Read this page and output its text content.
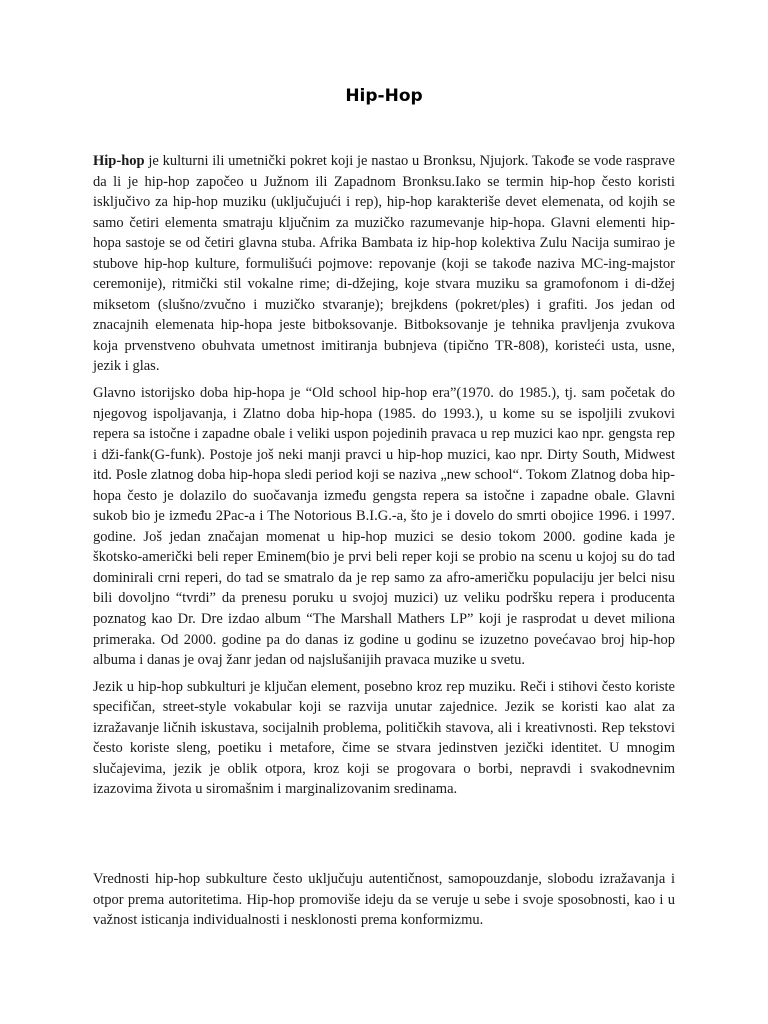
Hip-Hop

Hip-hop je kulturni ili umetnički pokret koji je nastao u Bronksu, Njujork. Takođe se vode rasprave da li je hip-hop započeo u Južnom ili Zapadnom Bronksu.Iako se termin hip-hop često koristi isključivo za hip-hop muziku (uključujući i rep), hip-hop karakteriše devet elemenata, od kojih se samo četiri elementa smatraju ključnim za muzičko razumevanje hip-hopa. Glavni elementi hip-hopa sastoje se od četiri glavna stuba. Afrika Bambata iz hip-hop kolektiva Zulu Nacija sumirao je stubove hip-hop kulture, formulišući pojmove: repovanje (koji se takođe naziva MC-ing-majstor ceremonije), ritmički stil vokalne rime; di-džejing, koje stvara muziku sa gramofonom i di-džej miksetom (slušno/zvučno i muzičko stvaranje); brejkdens (pokret/ples) i grafiti. Jos jedan od znacajnih elemenata hip-hopa jeste bitboksovanje. Bitboksovanje je tehnika pravljenja zvukova koja prvenstveno obuhvata umetnost imitiranja bubnjeva (tipično TR-808), koristeći usta, usne, jezik i glas.

Glavno istorijsko doba hip-hopa je “Old school hip-hop era”(1970. do 1985.), tj. sam početak do njegovog ispoljavanja, i Zlatno doba hip-hopa (1985. do 1993.), u kome su se ispoljili zvukovi repera sa istočne i zapadne obale i veliki uspon pojedinih pravaca u rep muzici kao npr. gengsta rep i dži-fank(G-funk). Postoje još neki manji pravci u hip-hop muzici, kao npr. Dirty South, Midwest itd. Posle zlatnog doba hip-hopa sledi period koji se naziva „new school“. Tokom Zlatnog doba hip-hopa često je dolazilo do suočavanja između gengsta repera sa istočne i zapadne obale. Glavni sukob bio je između 2Pac-a i The Notorious B.I.G.-a, što je i dovelo do smrti obojice 1996. i 1997. godine. Još jedan značajan momenat u hip-hop muzici se desio tokom 2000. godine kada je škotsko-američki beli reper Eminem(bio je prvi beli reper koji se probio na scenu u kojoj su do tad dominirali crni reperi, do tad se smatralo da je rep samo za afro-američku populaciju jer belci nisu bili dovoljno “tvrdi” da prenesu poruku u svojoj muzici) uz veliku podršku repera i producenta poznatog kao Dr. Dre izdao album “The Marshall Mathers LP” koji je rasprodat u devet miliona primeraka. Od 2000. godine pa do danas iz godine u godinu se izuzetno povećavao broj hip-hop albuma i danas je ovaj žanr jedan od najslušanijih pravaca muzike u svetu.

Jezik u hip-hop subkulturi je ključan element, posebno kroz rep muziku. Reči i stihovi često koriste specifičan, street-style vokabular koji se razvija unutar zajednice. Jezik se koristi kao alat za izražavanje ličnih iskustava, socijalnih problema, političkih stavova, ali i kreativnosti. Rep tekstovi često koriste sleng, poetiku i metafore, čime se stvara jedinstven jezički identitet. U mnogim slučajevima, jezik je oblik otpora, kroz koji se progovara o borbi, nepravdi i svakodnevnim izazovima života u siromašnim i marginalizovanim sredinama.

Vrednosti hip-hop subkulture često uključuju autentičnost, samopouzdanje, slobodu izražavanja i otpor prema autoritetima. Hip-hop promoviše ideju da se veruje u sebe i svoje sposobnosti, kao i u važnost isticanja individualnosti i nesklonosti prema konformizmu.
